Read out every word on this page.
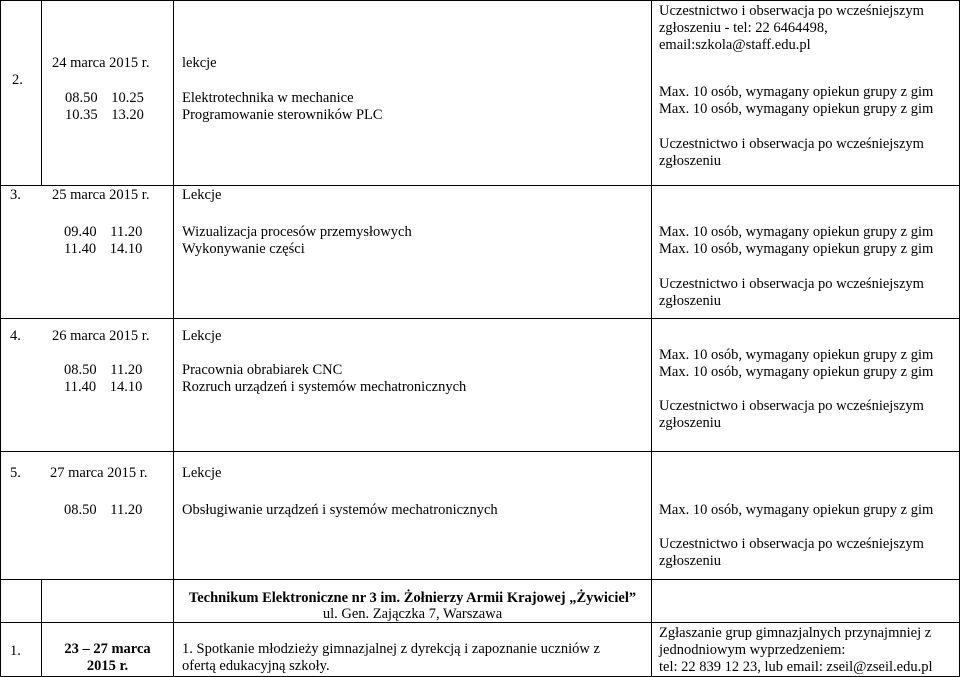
2.
24 marca 2015 r.
08.50 10.25
10.35 13.20
lekcje
Elektrotechnika w mechanice
Programowanie sterowników PLC
Uczestnictwo i obserwacja po wcześniejszym
zgłoszeniu - tel: 22 6464498,
email:szkola@staff.edu.pl
Max. 10 osób, wymagany opiekun grupy z gim
Max. 10 osób, wymagany opiekun grupy z gim
Uczestnictwo i obserwacja po wcześniejszym
zgłoszeniu
3. 25 marca 2015 r.
09.40 11.20
11.40 14.10
Lekcje
Wizualizacja procesów przemysłowych
Wykonywanie części
Max. 10 osób, wymagany opiekun grupy z gim
Max. 10 osób, wymagany opiekun grupy z gim
Uczestnictwo i obserwacja po wcześniejszym
zgłoszeniu
4. 26 marca 2015 r.
08.50 11.20
11.40 14.10
Lekcje
Pracownia obrabiarek CNC
Rozruch urządzeń i systemów mechatronicznych
Max. 10 osób, wymagany opiekun grupy z gim
Max. 10 osób, wymagany opiekun grupy z gim
Uczestnictwo i obserwacja po wcześniejszym
zgłoszeniu
5. 27 marca 2015 r.
08.50 11.20
Lekcje
Obsługiwanie urządzeń i systemów mechatronicznych	Max. 10 osób, wymagany opiekun grupy z gim
Uczestnictwo i obserwacja po wcześniejszym
zgłoszeniu
Technikum Elektroniczne nr 3 im. Żołnierzy Armii Krajowej „Żywiciel”
ul. Gen. Zajączka 7, Warszawa
1.	23 – 27 marca
2015 r.
1. Spotkanie młodzieży gimnazjalnej z dyrekcją i zapoznanie uczniów z
ofertą edukacyjną szkoły.
Zgłaszanie grup gimnazjalnych przynajmniej z
jednodniowym wyprzedzeniem:
tel: 22 839 12 23, lub email: zseil@zseil.edu.pl
